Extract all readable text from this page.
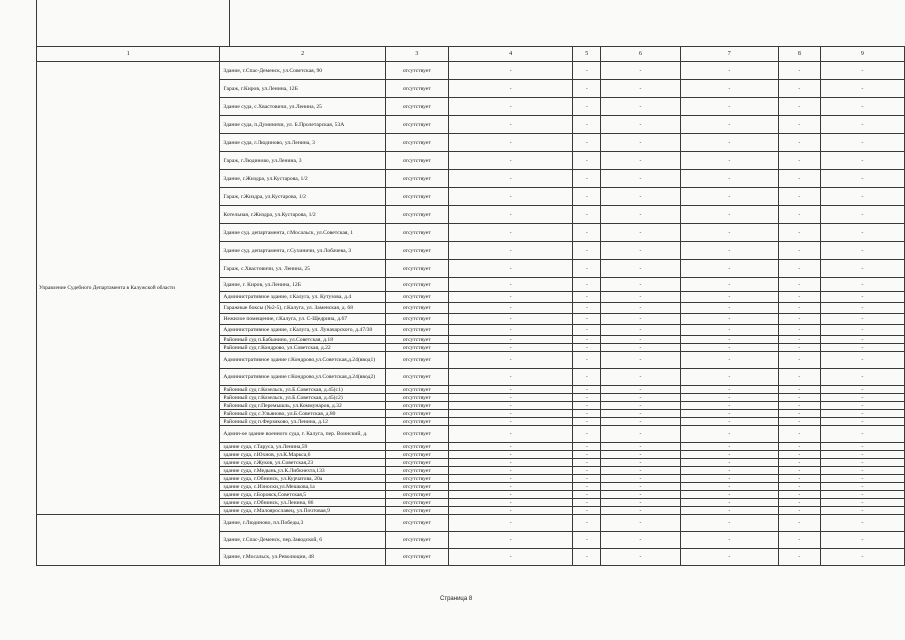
1	2	3	4	5	6	7	8	9
Управление Судебного Департамента в Калужской области	Здание, г.Спас-Деменск, ул.Советская, 90	отсутствует	-	-	-	-	-	-
	Гараж, г.Киров, ул.Ленина, 12Б	отсутствует	-	-	-	-	-	-
	Здание суда, с.Хвастовичи, ул.Ленина, 25	отсутствует	-	-	-	-	-	-
	Здание суда, п.Думиничи, ул. Б.Пролетарская, 53А	отсутствует	-	-	-	-	-	-
	Здание суда, г.Людиново, ул.Ленина, 3	отсутствует	-	-	-	-	-	-
	Гараж, г.Людиново, ул.Ленина, 3	отсутствует	-	-	-	-	-	-
	Здание, г.Жиздра, ул.Кустарова, 1/2	отсутствует	-	-	-	-	-	-
	Гараж, г.Жиздра, ул.Кустарова, 1/2	отсутствует	-	-	-	-	-	-
	Котельная, г.Жиздра, ул.Кустарова, 1/2	отсутствует	-	-	-	-	-	-
	Здание суд. департамента, г.Мосальск, ул.Советская, 1	отсутствует	-	-	-	-	-	-
	Здание суд. департамента, г.Сухиничи, ул.Лобачева, 3	отсутствует	-	-	-	-	-	-
	Гараж, с.Хвастовичи, ул. Ленина, 25	отсутствует	-	-	-	-	-	-
	Здание, г. Киров, ул.Ленина, 12Б	отсутствует	-	-	-	-	-	-
	Административное здание, г.Калуга, ул. Кутузова, д.4	отсутствует	-	-	-	-	-	-
	Гаражные боксы (№2-5), г.Калуга, ул. Заменская, д. 68	отсутствует	-	-	-	-	-	-
	Нежилое помещение, г.Калуга, ул. С-Щедрина, д.67	отсутствует	-	-	-	-	-	-
	Административное здание, г.Калуга, ул. Луначарского, д.47/30	отсутствует	-	-	-	-	-	-
	Районный суд п.Бабынино, ул.Советская, д.18	отсутствует	-	-	-	-	-	-
	Районный суд г.Кондрово, ул.Советская, д.22	отсутствует	-	-	-	-	-	-
	Административное здание г.Кондрово,ул.Советская,д.24(ввод1)	отсутствует	-	-	-	-	-	-
	Административное здание г.Кондрово,ул.Советская,д.24(ввод2)	отсутствует	-	-	-	-	-	-
	Районный суд г.Козельск, ул.Б.Советская, д.45(с1)	отсутствует	-	-	-	-	-	-
	Районный суд г.Козельск, ул.Б.Советская, д.45(с2)	отсутствует	-	-	-	-	-	-
	Районный суд г.Перемышль, ул.Коммунаров, д.32	отсутствует	-	-	-	-	-	-
	Районный суд с.Ульяново, ул.Б.Советская, д.80	отсутствует	-	-	-	-	-	-
	Районный суд п.Ферзиково, ул.Ленина, д.12	отсутствует	-	-	-	-	-	-
	Админ-ое здание военного суда, г. Калуга, пер. Воинский, д.	отсутствует	-	-	-	-	-	-
	здание суда, г.Таруса, ул.Ленина,59	отсутствует	-	-	-	-	-	-
	здание суда, г.Юхнов, ул.К.Маркса,6	отсутствует	-	-	-	-	-	-
	здание суда, г.Жуков, ул.Советская,23	отсутствует	-	-	-	-	-	-
	здание суда, г.Медынь,ул.К.Либкнехта,133	отсутствует	-	-	-	-	-	-
	здание суда, г.Обнинск, ул.Курчатова, 20а	отсутствует	-	-	-	-	-	-
	здание суда, с.Износки,ул.Мешкова,1а	отсутствует	-	-	-	-	-	-
	здание суда, г.Боровск,Советская,5	отсутствует	-	-	-	-	-	-
	здание суда, г.Обнинск, ул.Ленина, 86	отсутствует	-	-	-	-	-	-
	здание суда, г.Малоярославец, ул.Почтовая,9	отсутствует	-	-	-	-	-	-
	Здание, г.Людиново, пл.Победы,3	отсутствует	-	-	-	-	-	-
	Здание, г.Спас-Деменск, пер.Заводской, 6	отсутствует	-	-	-	-	-	-
	Здание, г.Мосальск, ул.Революции, 48	отсутствует	-	-	-	-	-	-
Страница 8
